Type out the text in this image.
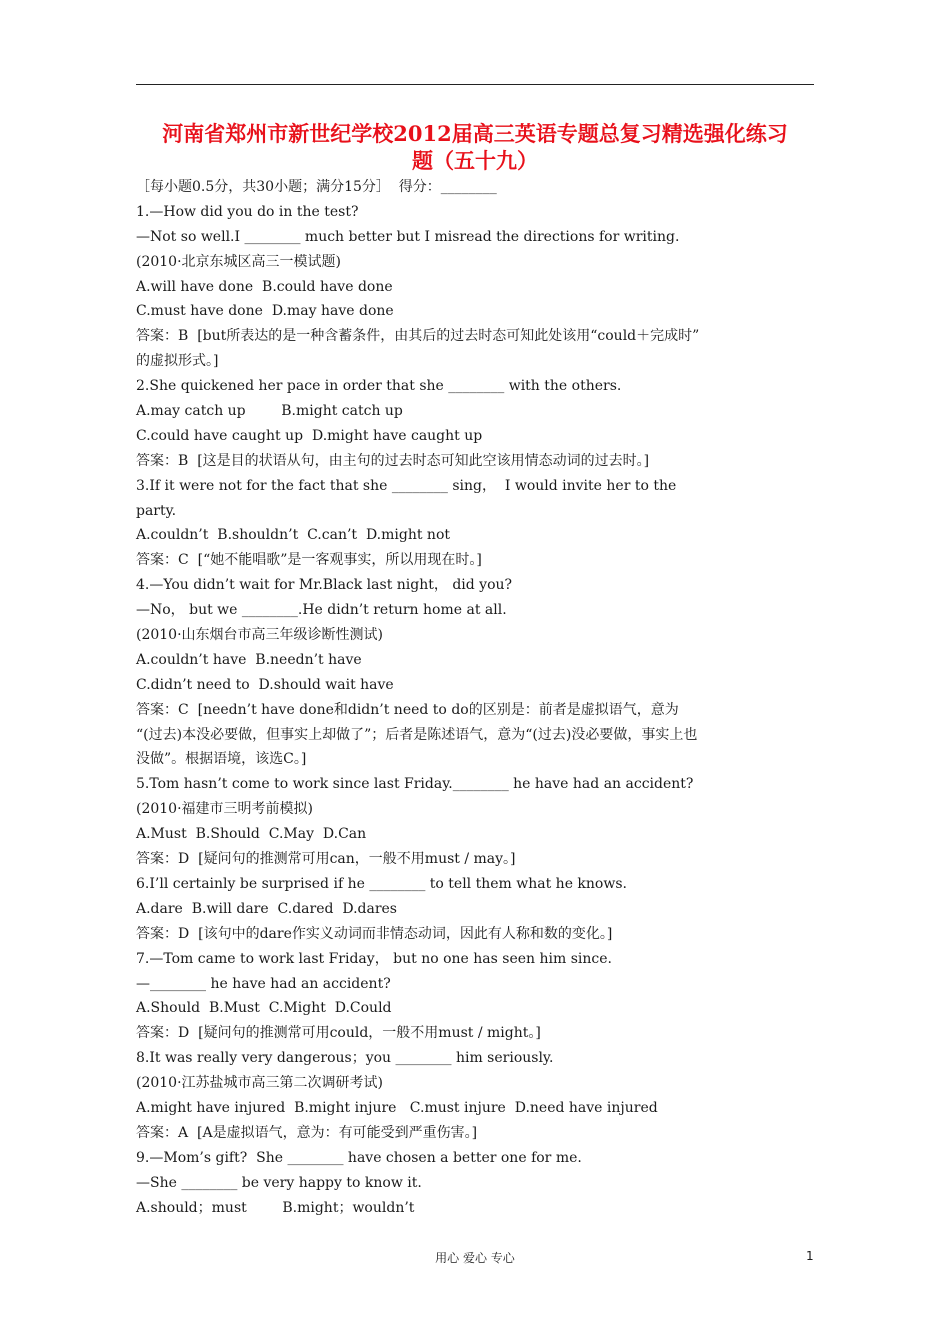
河南省郑州市新世纪学校2012届高三英语专题总复习精选强化练习
题（五十九）
［每小题0.5分，共30小题；满分15分］  得分：________
1.—How did you do in the test?
—Not so well.I ________ much better but I misread the directions for writing.
(2010·北京东城区高三一模试题)
A.will have done  B.could have done
C.must have done  D.may have done
答案：B  [but所表达的是一种含蓄条件，由其后的过去时态可知此处该用“could＋完成时”
的虚拟形式。]
2.She quickened her pace in order that she ________ with the others.
A.may catch up        B.might catch up
C.could have caught up  D.might have caught up
答案：B  [这是目的状语从句，由主句的过去时态可知此空该用情态动词的过去时。]
3.If it were not for the fact that she ________ sing，  I would invite her to the
party.
A.couldn’t  B.shouldn’t  C.can’t  D.might not
答案：C  [“她不能唱歌”是一客观事实，所以用现在时。]
4.—You didn’t wait for Mr.Black last night， did you?
—No， but we ________.He didn’t return home at all.
(2010·山东烟台市高三年级诊断性测试)
A.couldn’t have  B.needn’t have
C.didn’t need to  D.should wait have
答案：C  [needn’t have done和didn’t need to do的区别是：前者是虚拟语气，意为
“(过去)本没必要做，但事实上却做了”；后者是陈述语气，意为“(过去)没必要做，事实上也
没做”。根据语境，该选C。]
5.Tom hasn’t come to work since last Friday.________ he have had an accident?
(2010·福建市三明考前模拟)
A.Must  B.Should  C.May  D.Can
答案：D  [疑问句的推测常可用can，一般不用must / may。]
6.I’ll certainly be surprised if he ________ to tell them what he knows.
A.dare  B.will dare  C.dared  D.dares
答案：D  [该句中的dare作实义动词而非情态动词，因此有人称和数的变化。]
7.—Tom came to work last Friday， but no one has seen him since.
—________ he have had an accident?
A.Should  B.Must  C.Might  D.Could
答案：D  [疑问句的推测常可用could，一般不用must / might。]
8.It was really very dangerous；you ________ him seriously.
(2010·江苏盐城市高三第二次调研考试)
A.might have injured  B.might injure   C.must injure  D.need have injured
答案：A  [A是虚拟语气，意为：有可能受到严重伤害。]
9.—Mom’s gift?  She ________ have chosen a better one for me.
—She ________ be very happy to know it.
A.should；must        B.might；wouldn’t
用心 爱心 专心	1
